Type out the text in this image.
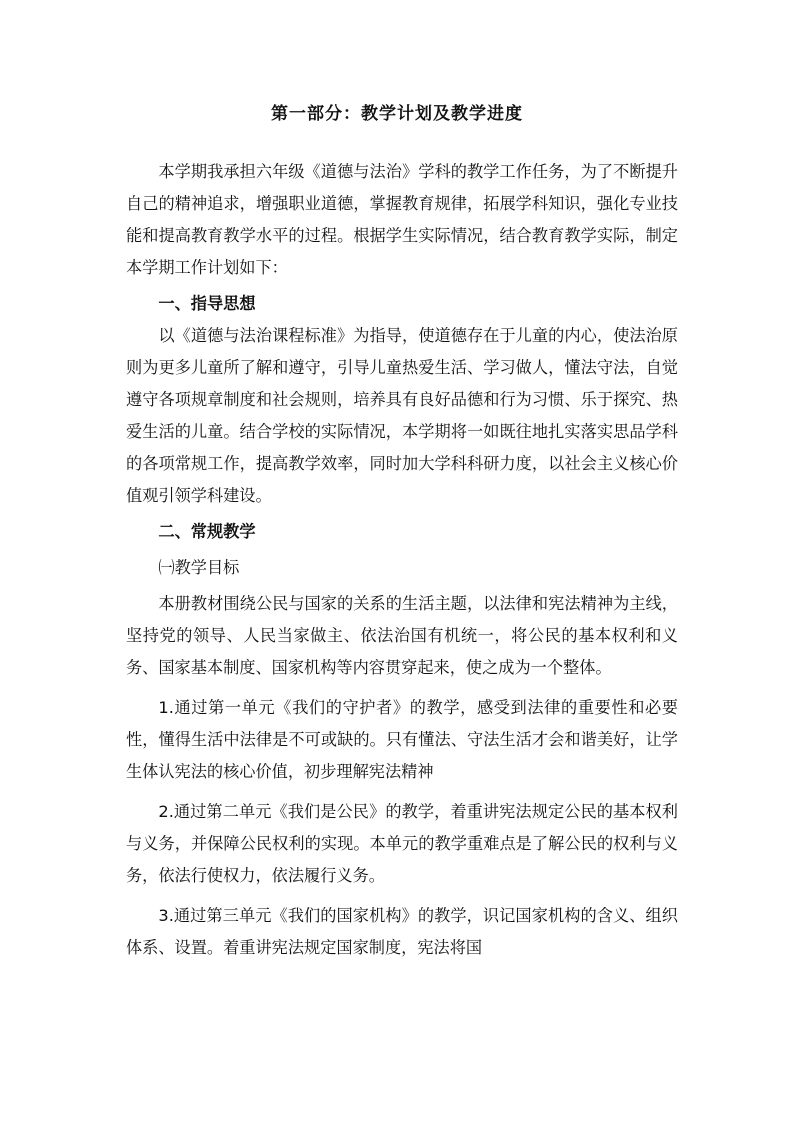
第一部分：教学计划及教学进度

本学期我承担六年级《道德与法治》学科的教学工作任务，为了不断提升自己的精神追求，增强职业道德，掌握教育规律，拓展学科知识，强化专业技能和提高教育教学水平的过程。根据学生实际情况，结合教育教学实际，制定本学期工作计划如下：

一、指导思想

以《道德与法治课程标准》为指导，使道德存在于儿童的内心，使法治原则为更多儿童所了解和遵守，引导儿童热爱生活、学习做人，懂法守法，自觉遵守各项规章制度和社会规则，培养具有良好品德和行为习惯、乐于探究、热爱生活的儿童。结合学校的实际情况，本学期将一如既往地扎实落实思品学科的各项常规工作，提高教学效率，同时加大学科科研力度，以社会主义核心价值观引领学科建设。

二、常规教学

㈠教学目标

本册教材围绕公民与国家的关系的生活主题，以法律和宪法精神为主线，坚持党的领导、人民当家做主、依法治国有机统一，将公民的基本权利和义务、国家基本制度、国家机构等内容贯穿起来，使之成为一个整体。

1.通过第一单元《我们的守护者》的教学，感受到法律的重要性和必要性，懂得生活中法律是不可或缺的。只有懂法、守法生活才会和谐美好，让学生体认宪法的核心价值，初步理解宪法精神

2.通过第二单元《我们是公民》的教学，着重讲宪法规定公民的基本权利与义务，并保障公民权利的实现。本单元的教学重难点是了解公民的权利与义务，依法行使权力，依法履行义务。

3.通过第三单元《我们的国家机构》的教学，识记国家机构的含义、组织体系、设置。着重讲宪法规定国家制度，宪法将国
